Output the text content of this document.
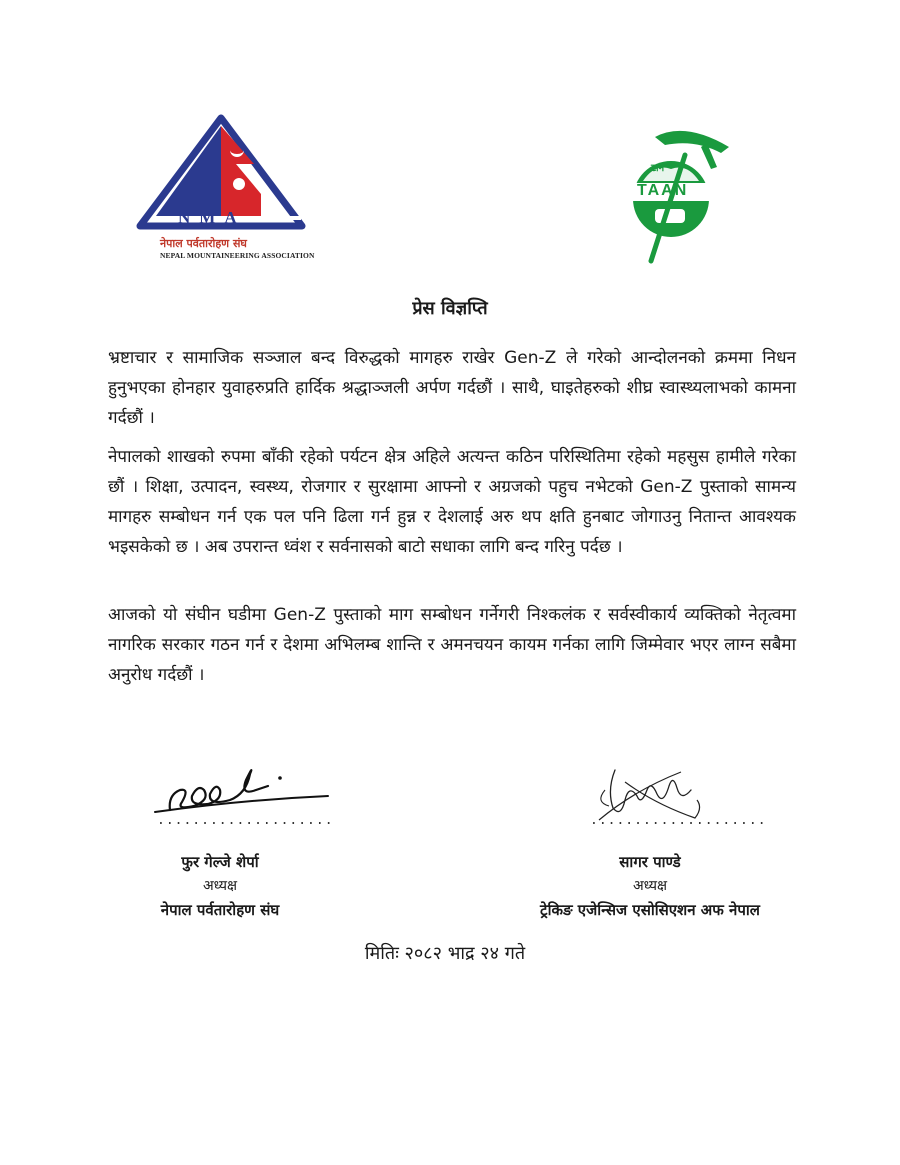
NMA
नेपाल पर्वतारोहण संघ
NEPAL MOUNTAINEERING ASSOCIATION
टान
TAAN
प्रेस विज्ञप्ति
भ्रष्टाचार र सामाजिक सञ्जाल बन्द विरुद्धको मागहरु राखेर Gen-Z ले गरेको आन्दोलनको क्रममा निधन हुनुभएका होनहार युवाहरुप्रति हार्दिक श्रद्धाञ्जली अर्पण गर्दछौं । साथै, घाइतेहरुको शीघ्र स्वास्थ्यलाभको कामना गर्दछौं ।
नेपालको शाखको रुपमा बाँकी रहेको पर्यटन क्षेत्र अहिले अत्यन्त कठिन परिस्थितिमा रहेको महसुस हामीले गरेका छौं । शिक्षा, उत्पादन, स्वस्थ्य, रोजगार र सुरक्षामा आफ्नो र अग्रजको पहुच नभेटको Gen-Z पुस्ताको सामन्य मागहरु सम्बोधन गर्न एक पल पनि ढिला गर्न हुन्न र देशलाई अरु थप क्षति हुनबाट जोगाउनु नितान्त आवश्यक भइसकेको छ । अब उपरान्त ध्वंश र सर्वनासको बाटो सधाका लागि बन्द गरिनु पर्दछ ।
आजको यो संघीन घडीमा Gen-Z पुस्ताको माग सम्बोधन गर्नेगरी निश्कलंक र सर्वस्वीकार्य व्यक्तिको नेतृत्वमा नागरिक सरकार गठन गर्न र देशमा अभिलम्ब शान्ति र अमनचयन कायम गर्नका लागि जिम्मेवार भएर लाग्न सबैमा अनुरोध गर्दछौं ।
....................	....................
फुर गेल्जे शेर्पा
अध्यक्ष
नेपाल पर्वतारोहण संघ
सागर पाण्डे
अध्यक्ष
ट्रेकिङ एजेन्सिज एसोसिएशन अफ नेपाल
मितिः २०८२ भाद्र २४ गते
